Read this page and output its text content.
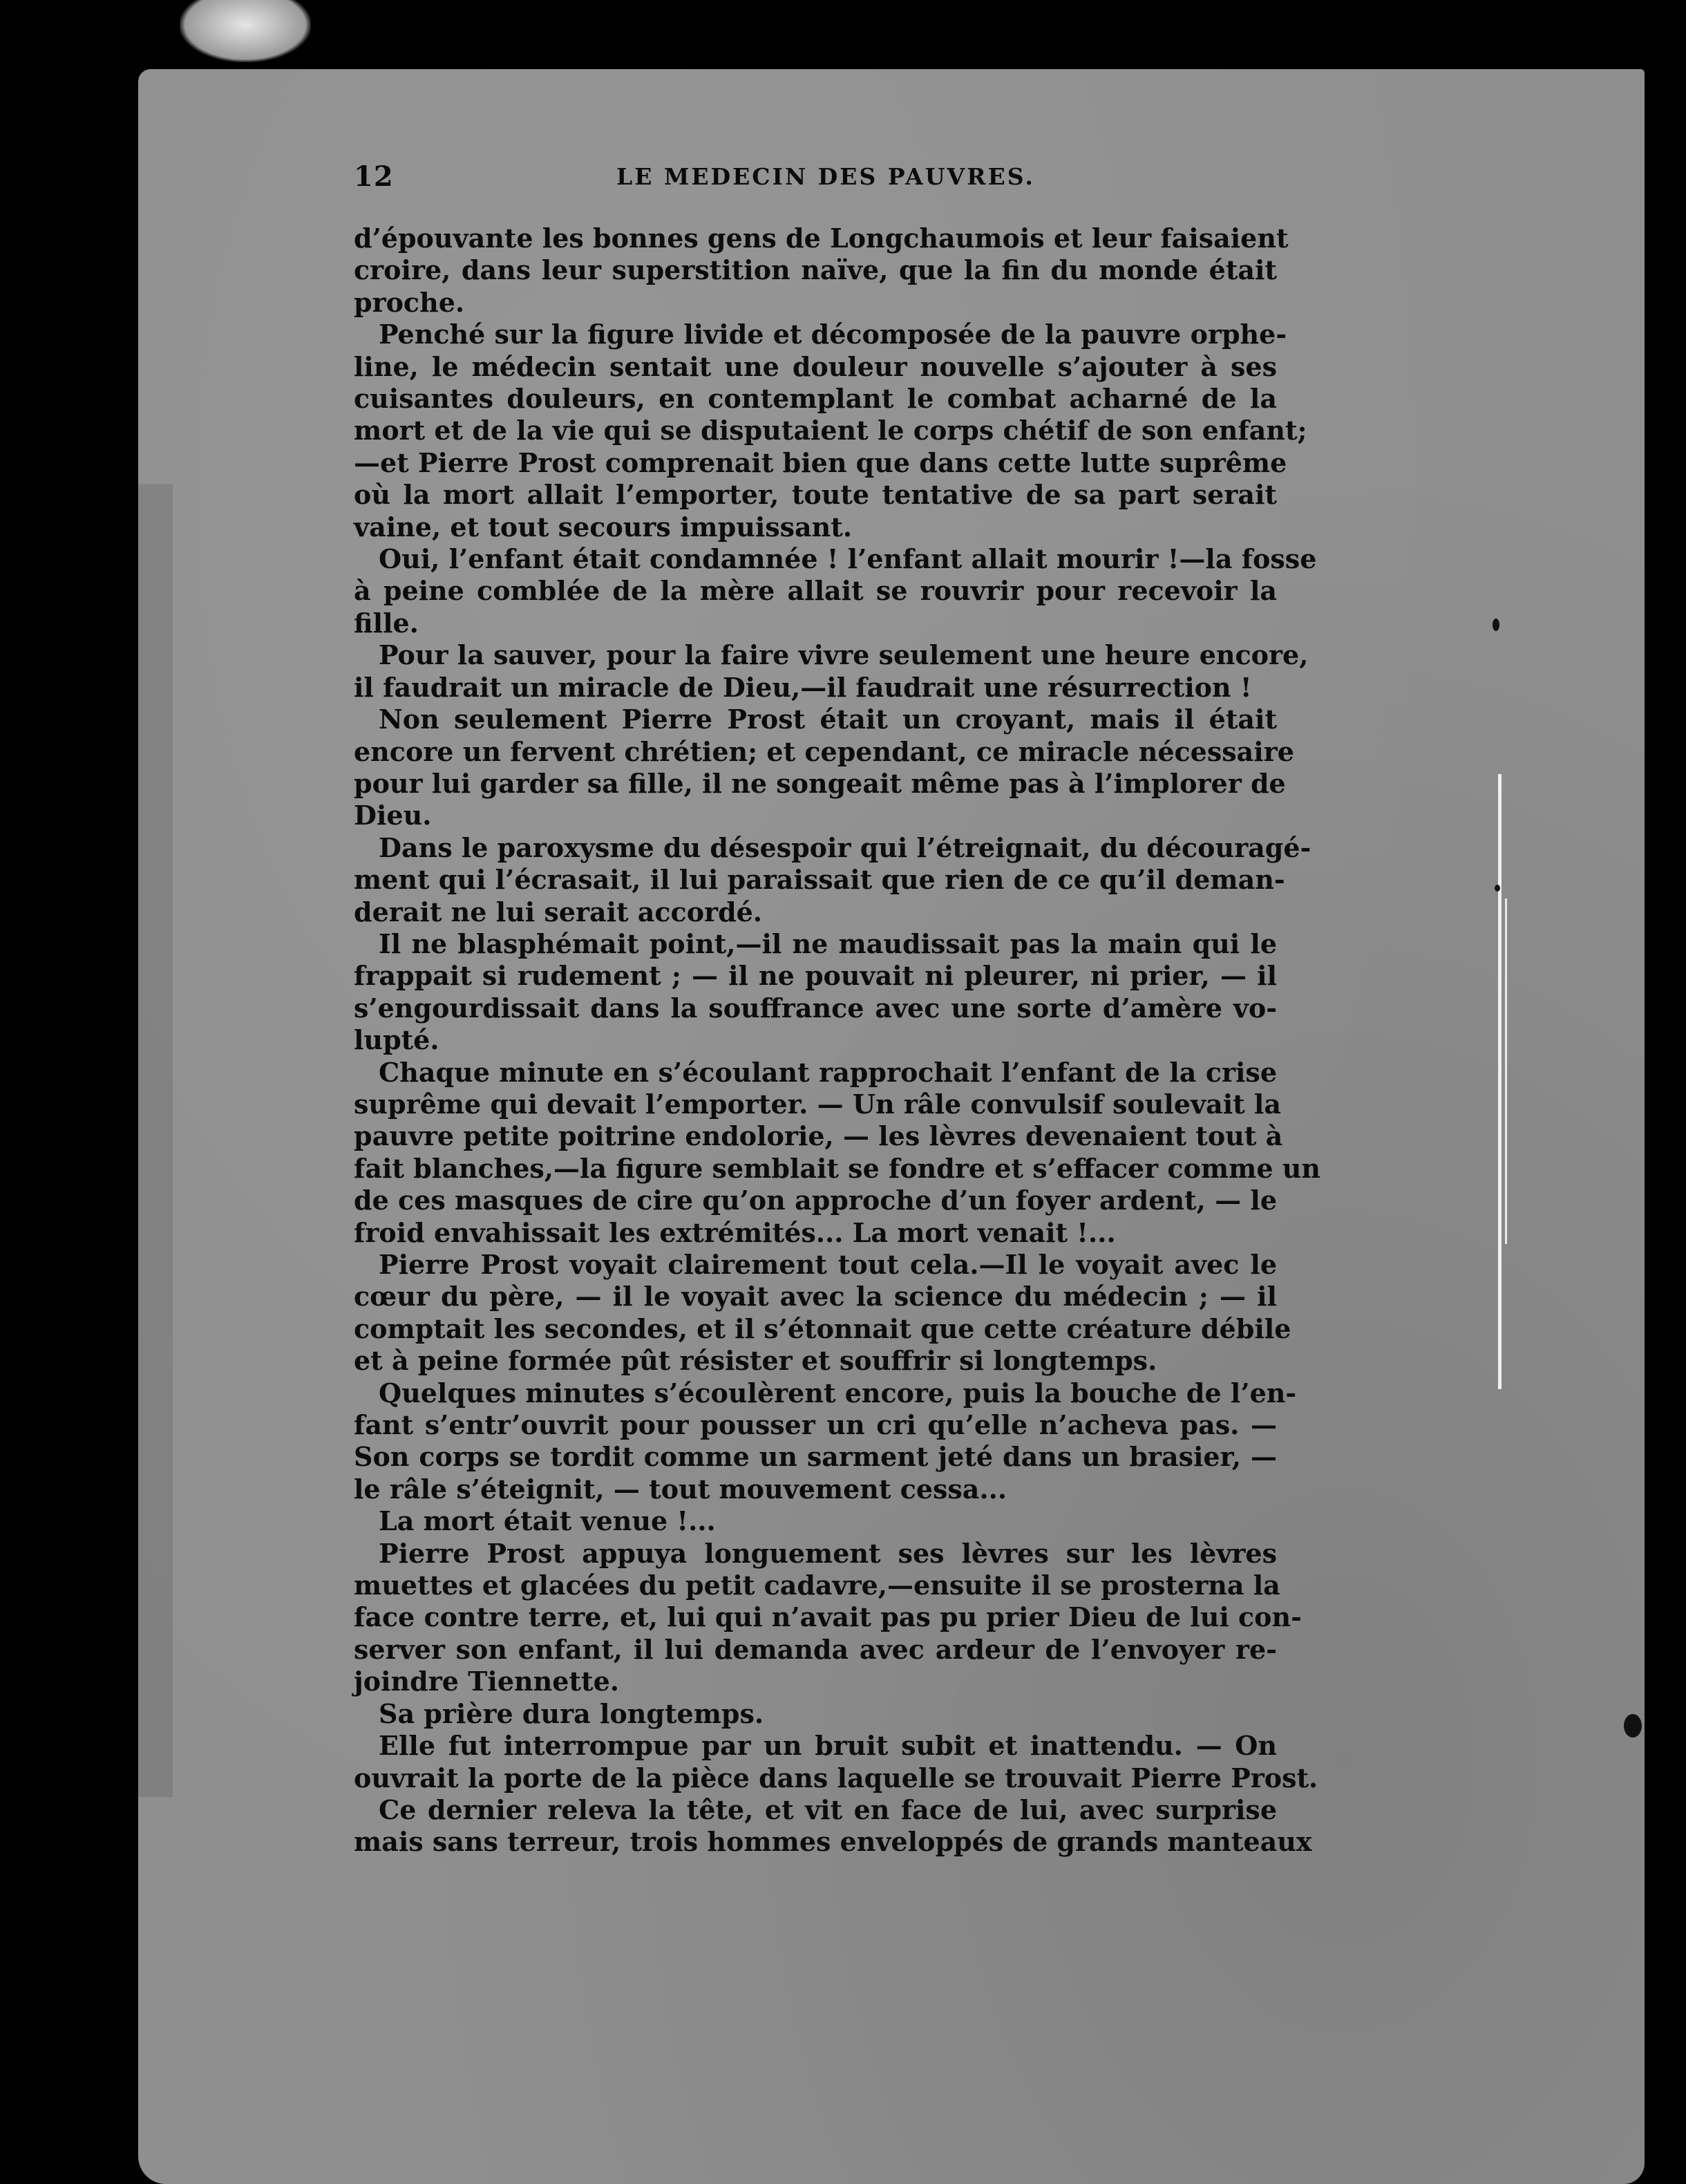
12	LE MEDECIN DES PAUVRES.
d’épouvante les bonnes gens de Longchaumois et leur faisaient
croire, dans leur superstition naïve, que la fin du monde était
proche.
Penché sur la figure livide et décomposée de la pauvre orphe-
line, le médecin sentait une douleur nouvelle s’ajouter à ses
cuisantes douleurs, en contemplant le combat acharné de la
mort et de la vie qui se disputaient le corps chétif de son enfant;
—et Pierre Prost comprenait bien que dans cette lutte suprême
où la mort allait l’emporter, toute tentative de sa part serait
vaine, et tout secours impuissant.
Oui, l’enfant était condamnée ! l’enfant allait mourir !—la fosse
à peine comblée de la mère allait se rouvrir pour recevoir la
fille.
Pour la sauver, pour la faire vivre seulement une heure encore,
il faudrait un miracle de Dieu,—il faudrait une résurrection !
Non seulement Pierre Prost était un croyant, mais il était
encore un fervent chrétien; et cependant, ce miracle nécessaire
pour lui garder sa fille, il ne songeait même pas à l’implorer de
Dieu.
Dans le paroxysme du désespoir qui l’étreignait, du découragé-
ment qui l’écrasait, il lui paraissait que rien de ce qu’il deman-
derait ne lui serait accordé.
Il ne blasphémait point,—il ne maudissait pas la main qui le
frappait si rudement ; — il ne pouvait ni pleurer, ni prier, — il
s’engourdissait dans la souffrance avec une sorte d’amère vo-
lupté.
Chaque minute en s’écoulant rapprochait l’enfant de la crise
suprême qui devait l’emporter. — Un râle convulsif soulevait la
pauvre petite poitrine endolorie, — les lèvres devenaient tout à
fait blanches,—la figure semblait se fondre et s’effacer comme un
de ces masques de cire qu’on approche d’un foyer ardent, — le
froid envahissait les extrémités... La mort venait !...
Pierre Prost voyait clairement tout cela.—Il le voyait avec le
cœur du père, — il le voyait avec la science du médecin ; — il
comptait les secondes, et il s’étonnait que cette créature débile
et à peine formée pût résister et souffrir si longtemps.
Quelques minutes s’écoulèrent encore, puis la bouche de l’en-
fant s’entr’ouvrit pour pousser un cri qu’elle n’acheva pas. —
Son corps se tordit comme un sarment jeté dans un brasier, —
le râle s’éteignit, — tout mouvement cessa...
La mort était venue !...
Pierre Prost appuya longuement ses lèvres sur les lèvres
muettes et glacées du petit cadavre,—ensuite il se prosterna la
face contre terre, et, lui qui n’avait pas pu prier Dieu de lui con-
server son enfant, il lui demanda avec ardeur de l’envoyer re-
joindre Tiennette.
Sa prière dura longtemps.
Elle fut interrompue par un bruit subit et inattendu. — On
ouvrait la porte de la pièce dans laquelle se trouvait Pierre Prost.
Ce dernier releva la tête, et vit en face de lui, avec surprise
mais sans terreur, trois hommes enveloppés de grands manteaux
